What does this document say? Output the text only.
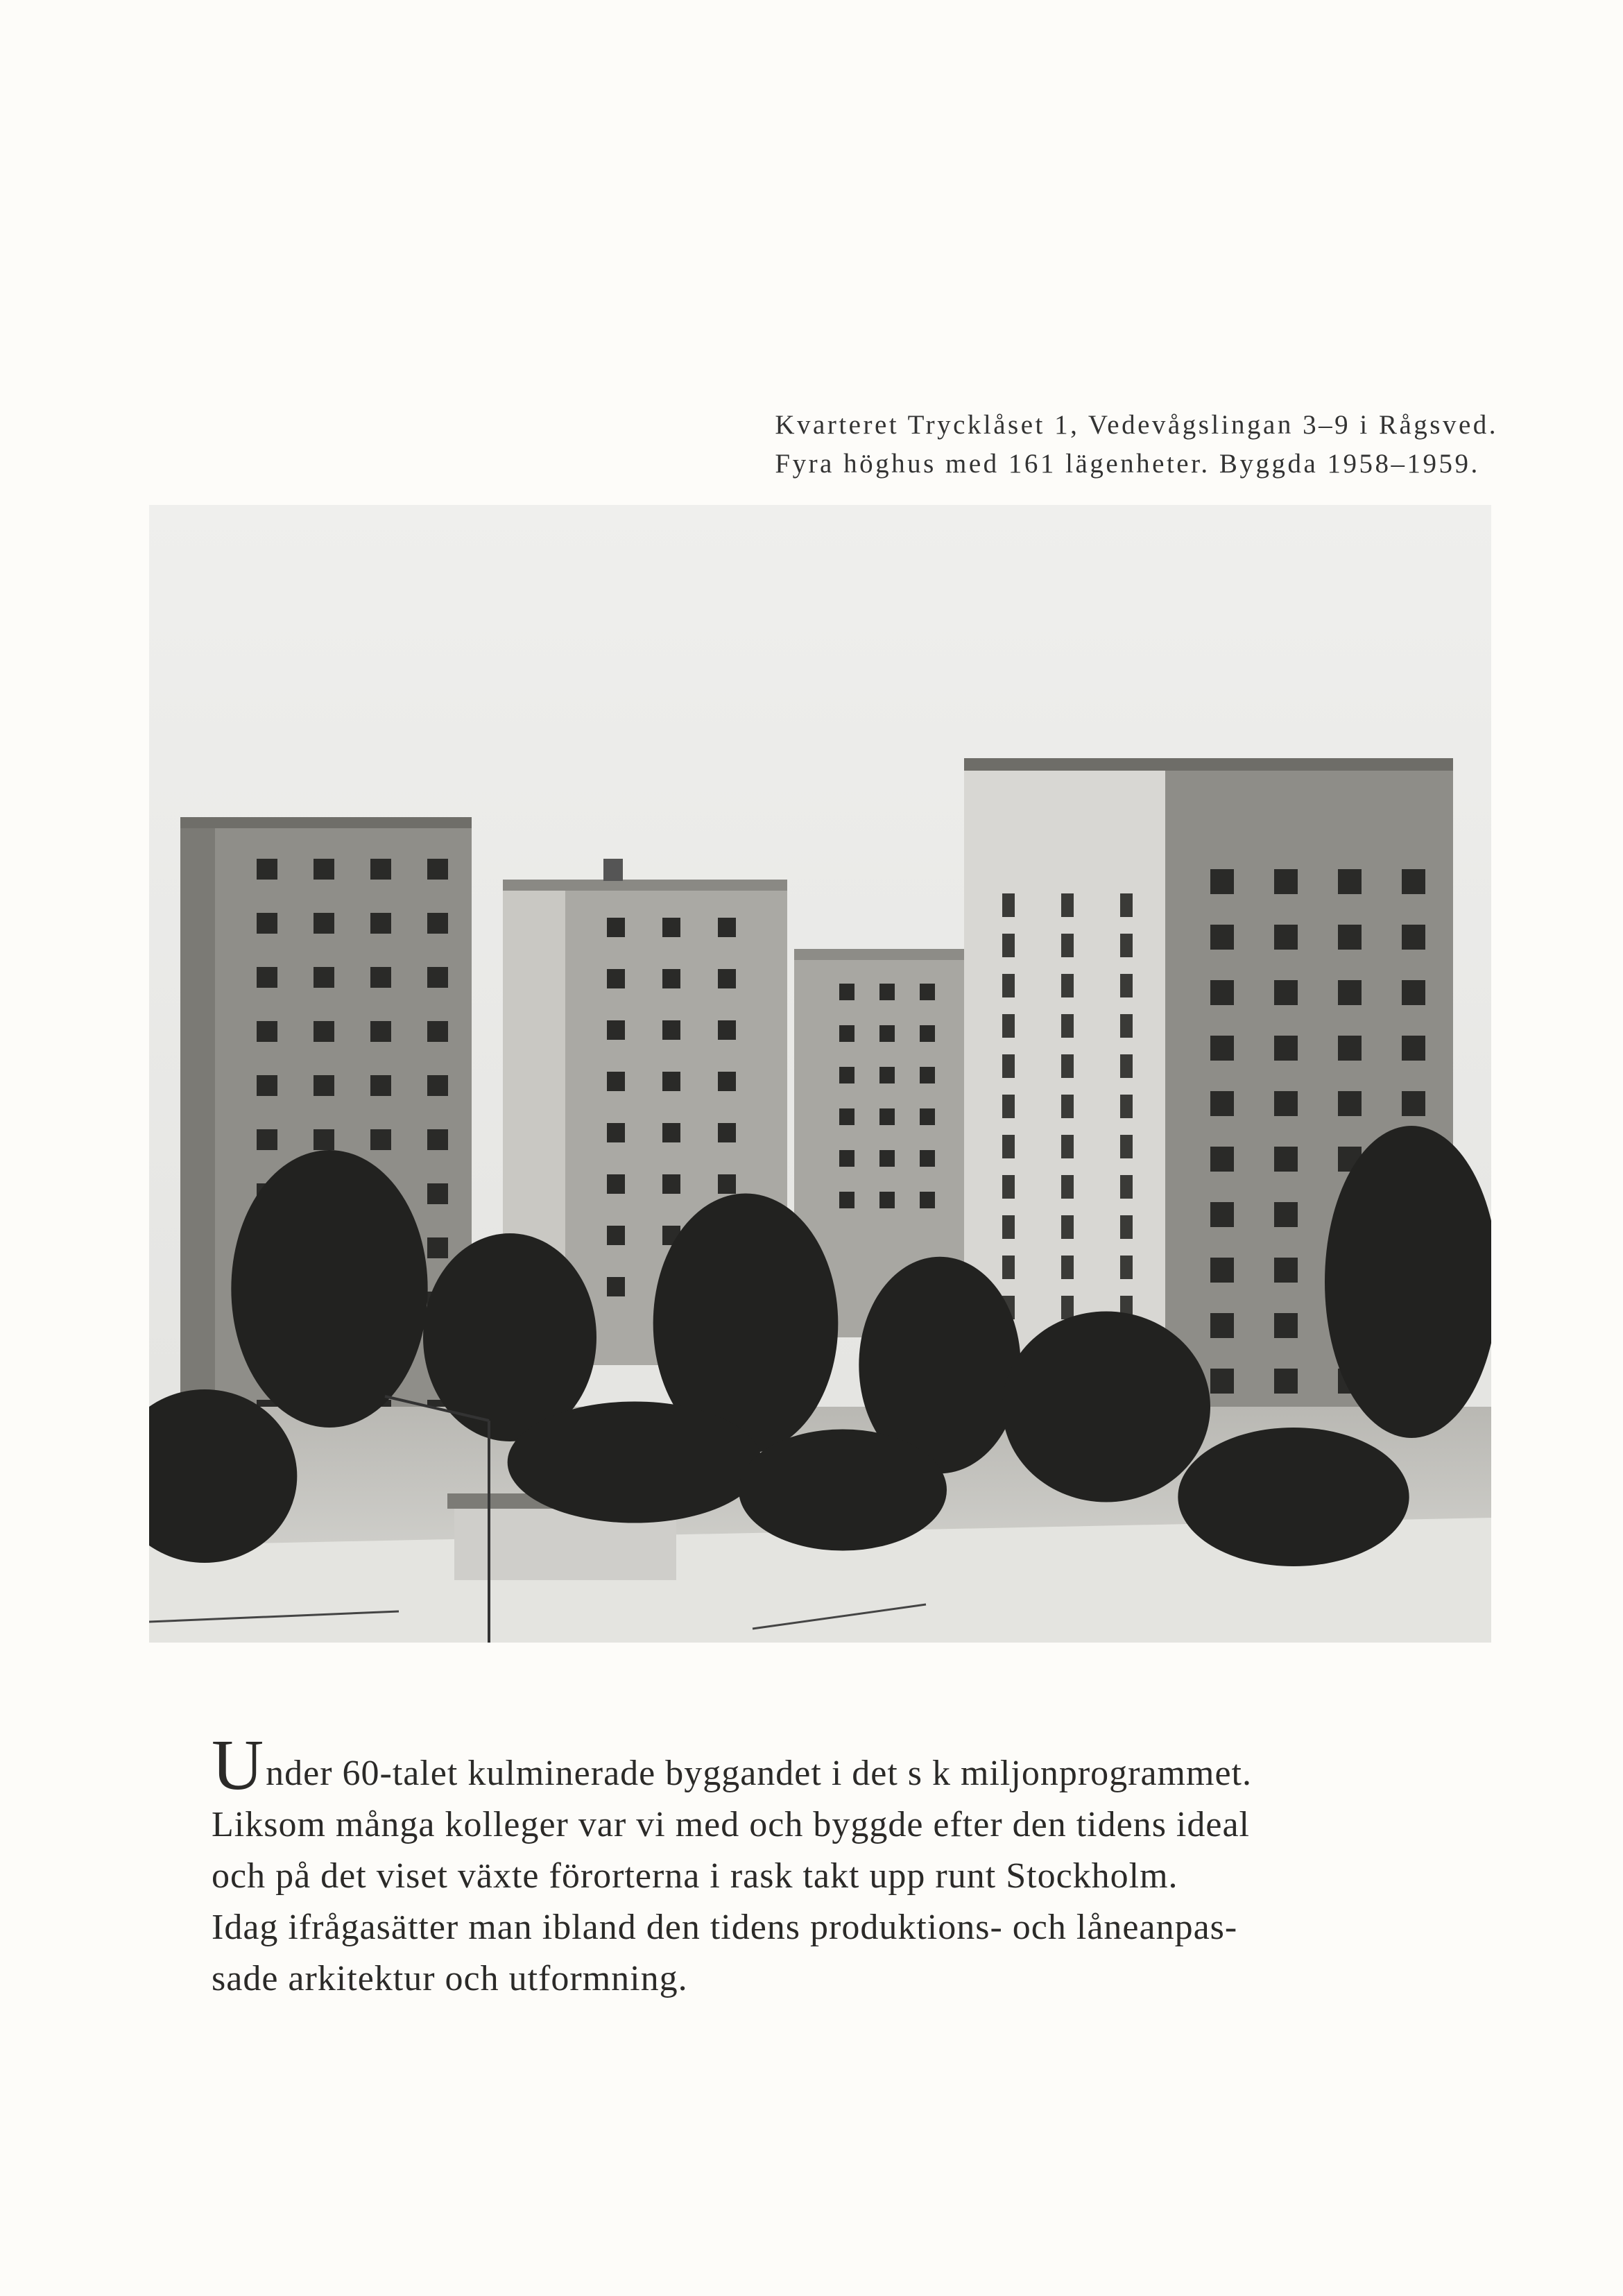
Kvarteret Trycklåset 1, Vedevågslingan 3–9 i Rågsved.
Fyra höghus med 161 lägenheter. Byggda 1958–1959.
Under 60-talet kulminerade byggandet i det s k miljonprogrammet.
Liksom många kolleger var vi med och byggde efter den tidens ideal
och på det viset växte förorterna i rask takt upp runt Stockholm.
Idag ifrågasätter man ibland den tidens produktions- och låneanpas-
sade arkitektur och utformning.
